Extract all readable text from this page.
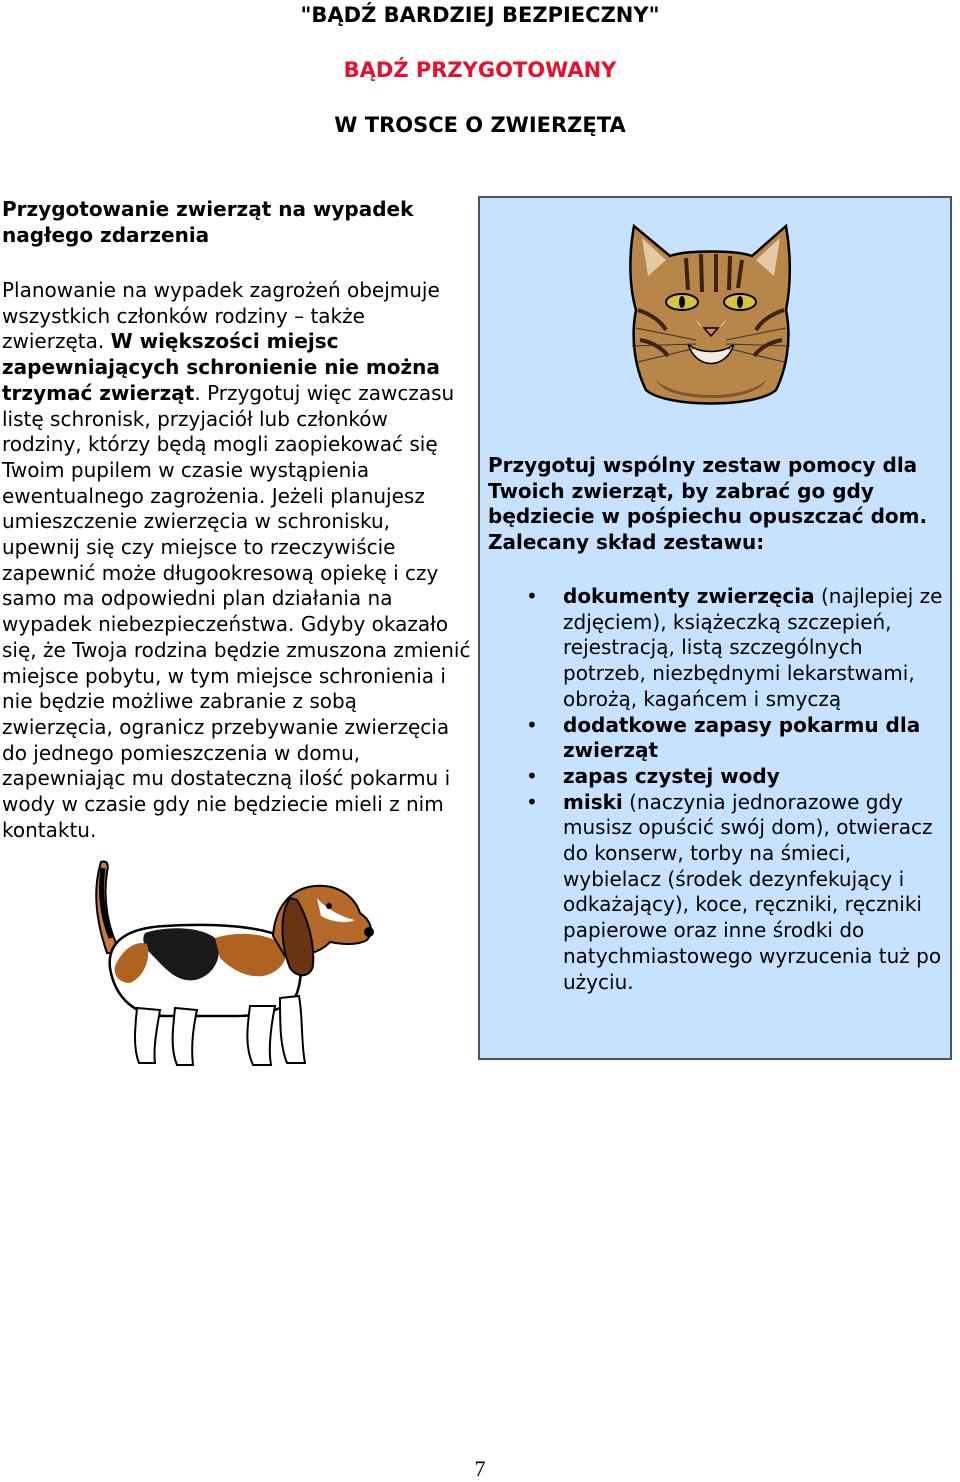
"BĄDŹ BARDZIEJ BEZPIECZNY"
BĄDŹ PRZYGOTOWANY
W TROSCE O ZWIERZĘTA
Przygotowanie zwierząt na wypadek nagłego zdarzenia
Planowanie na wypadek zagrożeń obejmuje wszystkich członków rodziny – także zwierzęta. W większości miejsc zapewniających schronienie nie można trzymać zwierząt. Przygotuj więc zawczasu listę schronisk, przyjaciół lub członków rodziny, którzy będą mogli zaopiekować się Twoim pupilem w czasie wystąpienia ewentualnego zagrożenia. Jeżeli planujesz umieszczenie zwierzęcia w schronisku, upewnij się czy miejsce to rzeczywiście zapewnić może długookresową opiekę i czy samo ma odpowiedni plan działania na wypadek niebezpieczeństwa. Gdyby okazało się, że Twoja rodzina będzie zmuszona zmienić miejsce pobytu, w tym miejsce schronienia i nie będzie możliwe zabranie z sobą zwierzęcia, ogranicz przebywanie zwierzęcia do jednego pomieszczenia w domu, zapewniając mu dostateczną ilość pokarmu i wody w czasie gdy nie będziecie mieli z nim kontaktu.
Przygotuj wspólny zestaw pomocy dla Twoich zwierząt, by zabrać go gdy będziecie w pośpiechu opuszczać dom. Zalecany skład zestawu:
• dokumenty zwierzęcia (najlepiej ze zdjęciem), książeczką szczepień, rejestracją, listą szczególnych potrzeb, niezbędnymi lekarstwami, obrożą, kagańcem i smyczą
• dodatkowe zapasy pokarmu dla zwierząt
• zapas czystej wody
• miski (naczynia jednorazowe gdy musisz opuścić swój dom), otwieracz do konserw, torby na śmieci, wybielacz (środek dezynfekujący i odkażający), koce, ręczniki, ręczniki papierowe oraz inne środki do natychmiastowego wyrzucenia tuż po użyciu.
7
